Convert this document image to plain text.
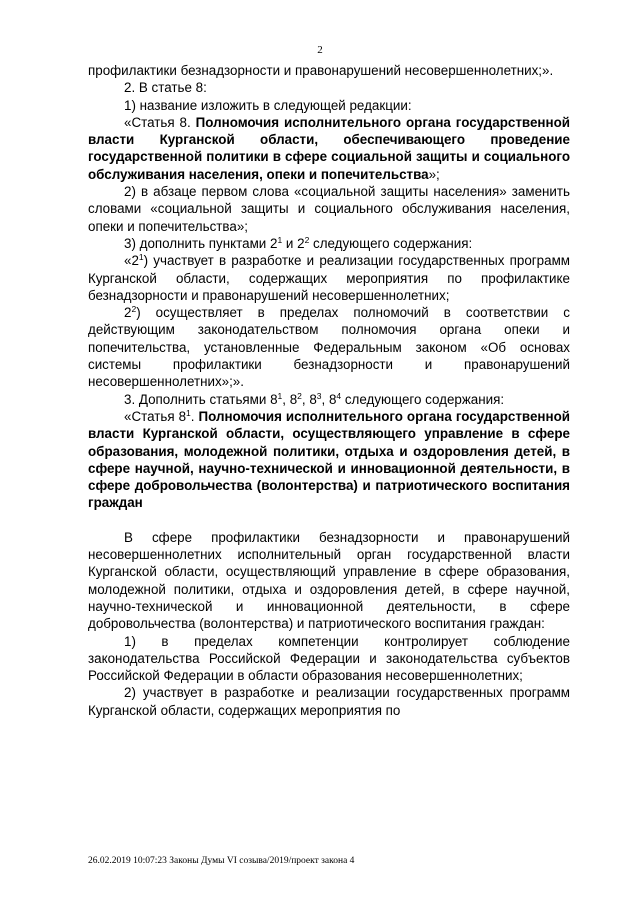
2

профилактики безнадзорности и правонарушений несовершеннолетних;».

2. В статье 8:

1) название изложить в следующей редакции:

«Статья 8. Полномочия исполнительного органа государственной власти Курганской области, обеспечивающего проведение государственной политики в сфере социальной защиты и социального обслуживания населения, опеки и попечительства»;

2) в абзаце первом слова «социальной защиты населения» заменить словами «социальной защиты и социального обслуживания населения, опеки и попечительства»;

3) дополнить пунктами $2^1$ и $2^2$ следующего содержания:

«$2^1$) участвует в разработке и реализации государственных программ Курганской области, содержащих мероприятия по профилактике безнадзорности и правонарушений несовершеннолетних;

$2^2$) осуществляет в пределах полномочий в соответствии с действующим законодательством полномочия органа опеки и попечительства, установленные Федеральным законом «Об основах системы профилактики безнадзорности и правонарушений несовершеннолетних»;».

3. Дополнить статьями $8^1$, $8^2$, $8^3$, $8^4$ следующего содержания:

«Статья $8^1$. Полномочия исполнительного органа государственной власти Курганской области, осуществляющего управление в сфере образования, молодежной политики, отдыха и оздоровления детей, в сфере научной, научно-технической и инновационной деятельности, в сфере добровольчества (волонтерства) и патриотического воспитания граждан

В сфере профилактики безнадзорности и правонарушений несовершеннолетних исполнительный орган государственной власти Курганской области, осуществляющий управление в сфере образования, молодежной политики, отдыха и оздоровления детей, в сфере научной, научно-технической и инновационной деятельности, в сфере добровольчества (волонтерства) и патриотического воспитания граждан:

1) в пределах компетенции контролирует соблюдение законодательства Российской Федерации и законодательства субъектов Российской Федерации в области образования несовершеннолетних;

2) участвует в разработке и реализации государственных программ Курганской области, содержащих мероприятия по

26.02.2019 10:07:23 Законы Думы VI созыва/2019/проект закона 4
